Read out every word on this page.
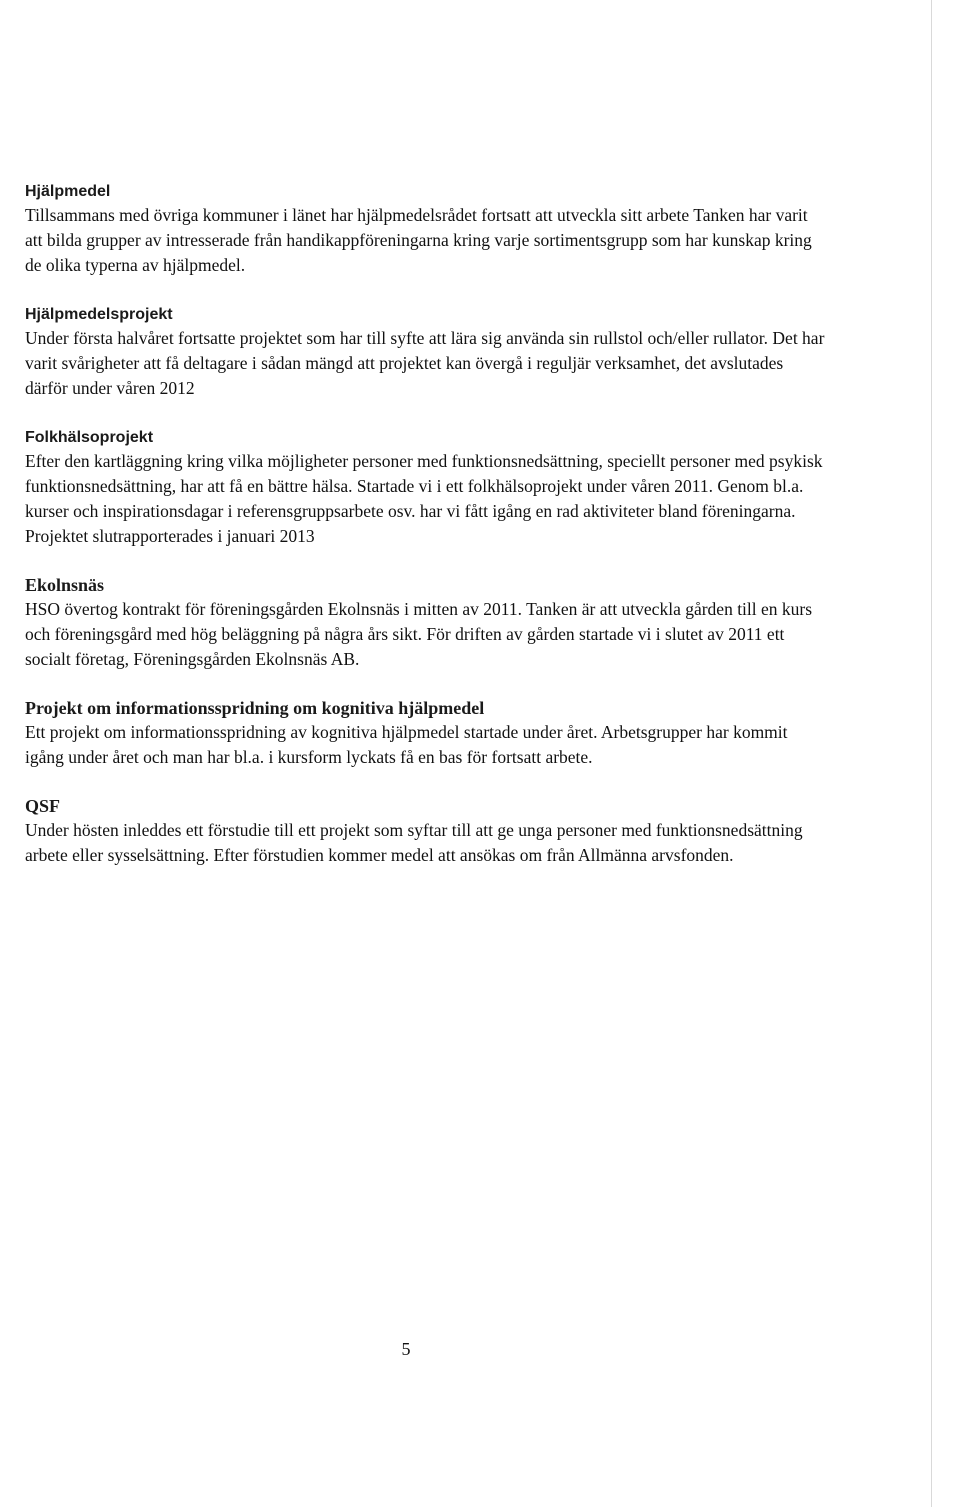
Hjälpmedel

Tillsammans med övriga kommuner i länet har hjälpmedelsrådet fortsatt att utveckla sitt arbete Tanken har varit att bilda grupper av intresserade från handikappföreningarna kring varje sortimentsgrupp som har kunskap kring de olika typerna av hjälpmedel.

Hjälpmedelsprojekt

Under första halvåret fortsatte projektet som har till syfte att lära sig använda sin rullstol och/eller rullator. Det har varit svårigheter att få deltagare i sådan mängd att projektet kan övergå i reguljär verksamhet, det avslutades därför under våren 2012

Folkhälsoprojekt

Efter den kartläggning kring vilka möjligheter personer med funktionsnedsättning, speciellt personer med psykisk funktionsnedsättning, har att få en bättre hälsa. Startade vi i ett folkhälsoprojekt under våren 2011. Genom bl.a. kurser och inspirationsdagar i referensgruppsarbete osv. har vi fått igång en rad aktiviteter bland föreningarna. Projektet slutrapporterades i januari 2013

Ekolnsnäs

HSO övertog kontrakt för föreningsgården Ekolnsnäs i mitten av 2011. Tanken är att utveckla gården till en kurs och föreningsgård med hög beläggning på några års sikt. För driften av gården startade vi i slutet av 2011 ett socialt företag, Föreningsgården Ekolnsnäs AB.

Projekt om informationsspridning om kognitiva hjälpmedel

Ett projekt om informationsspridning av kognitiva hjälpmedel startade under året. Arbetsgrupper har kommit igång under året och man har bl.a. i kursform lyckats få en bas för fortsatt arbete.

QSF

Under hösten inleddes ett förstudie till ett projekt som syftar till att ge unga personer med funktionsnedsättning arbete eller sysselsättning. Efter förstudien kommer medel att ansökas om från Allmänna arvsfonden.

5
